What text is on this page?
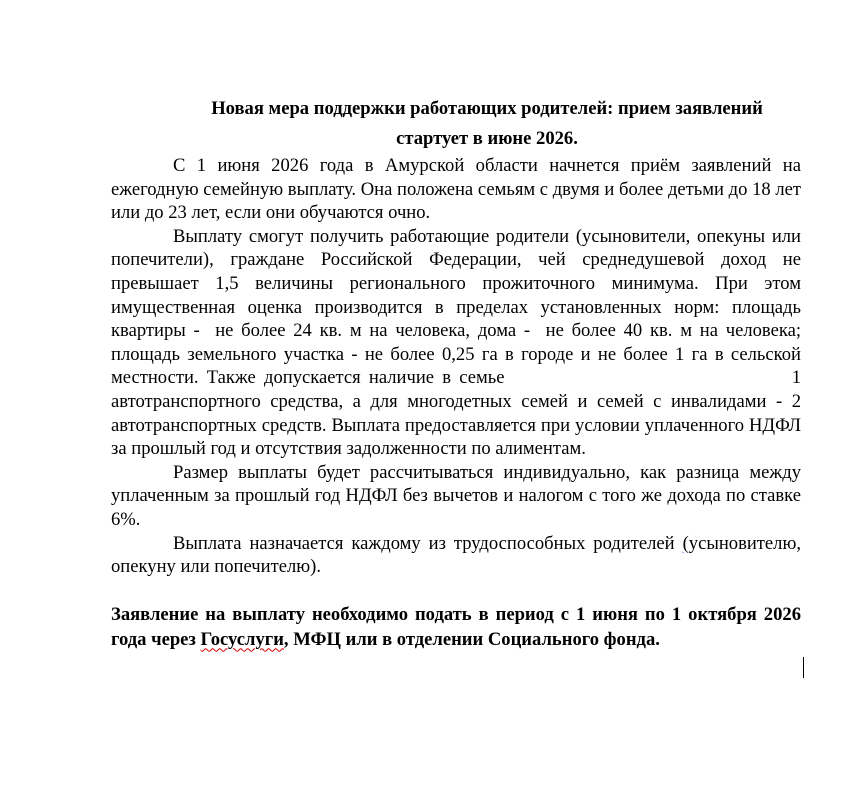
Новая мера поддержки работающих родителей: прием заявлений стартует в июне 2026.

С 1 июня 2026 года в Амурской области начнется приём заявлений на ежегодную семейную выплату. Она положена семьям с двумя и более детьми до 18 лет или до 23 лет, если они обучаются очно.

Выплату смогут получить работающие родители (усыновители, опекуны или попечители), граждане Российской Федерации, чей среднедушевой доход не превышает 1,5 величины регионального прожиточного минимума. При этом имущественная оценка производится в пределах установленных норм: площадь квартиры -  не более 24 кв. м на человека, дома -  не более 40 кв. м на человека; площадь земельного участка - не более 0,25 га в городе и не более 1 га в сельской местности. Также допускается наличие в семье                                   1 автотранспортного средства, а для многодетных семей и семей с инвалидами - 2 автотранспортных средств. Выплата предоставляется при условии уплаченного НДФЛ за прошлый год и отсутствия задолженности по алиментам.

Размер выплаты будет рассчитываться индивидуально, как разница между уплаченным за прошлый год НДФЛ без вычетов и налогом с того же дохода по ставке 6%.

Выплата назначается каждому из трудоспособных родителей (усыновителю, опекуну или попечителю).

Заявление на выплату необходимо подать в период с 1 июня по 1 октября 2026 года через Госуслуги, МФЦ или в отделении Социального фонда.
